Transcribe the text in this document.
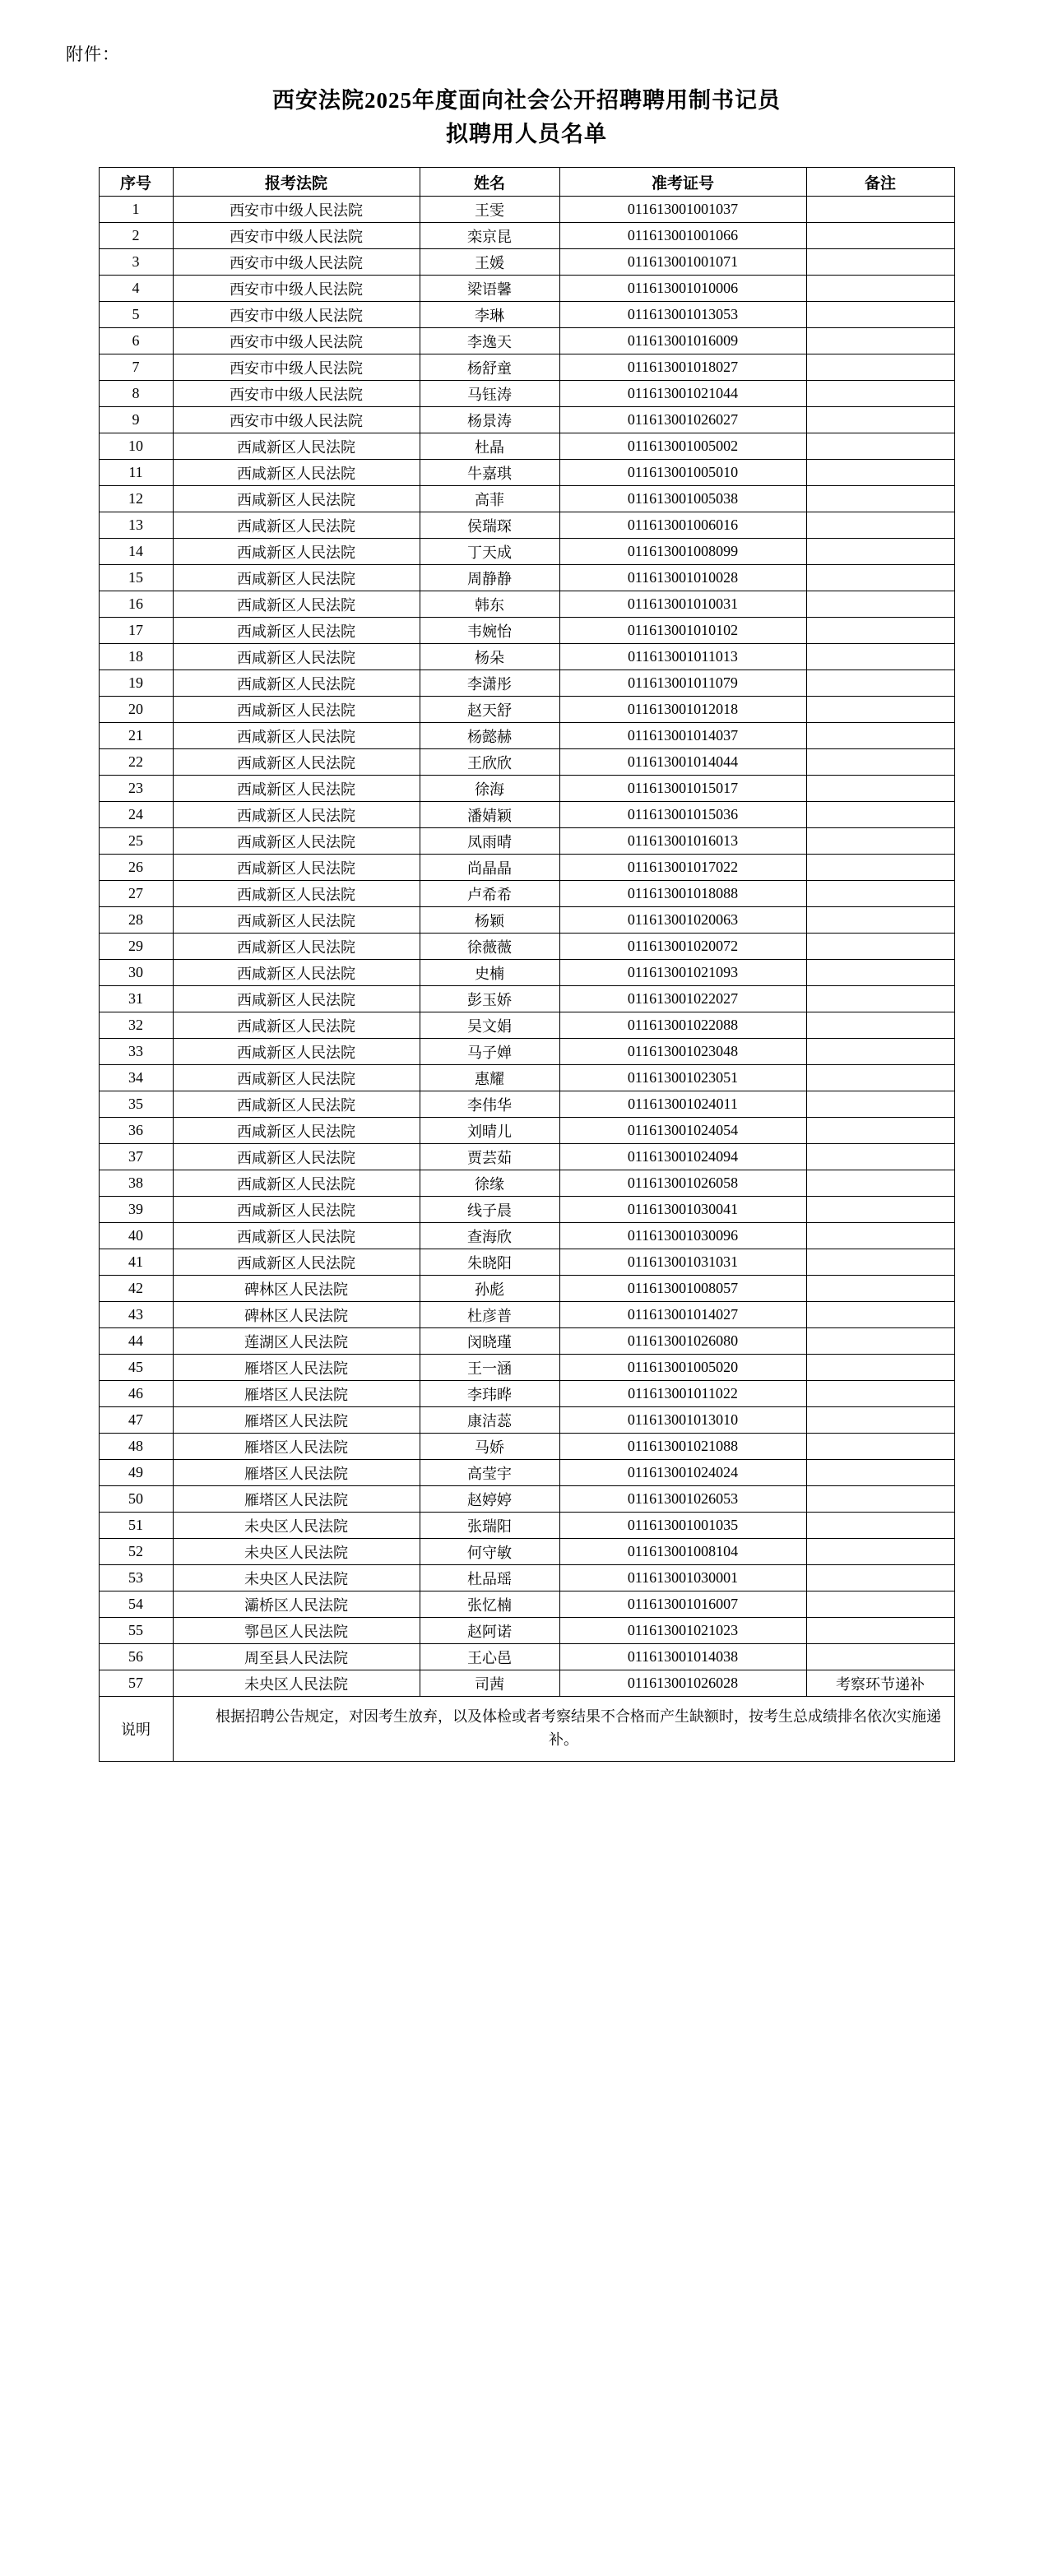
附件：
西安法院2025年度面向社会公开招聘聘用制书记员
拟聘用人员名单
序号	报考法院	姓名	准考证号	备注
1	西安市中级人民法院	王雯	011613001001037	
2	西安市中级人民法院	栾京昆	011613001001066	
3	西安市中级人民法院	王媛	011613001001071	
4	西安市中级人民法院	梁语馨	011613001010006	
5	西安市中级人民法院	李琳	011613001013053	
6	西安市中级人民法院	李逸天	011613001016009	
7	西安市中级人民法院	杨舒童	011613001018027	
8	西安市中级人民法院	马钰涛	011613001021044	
9	西安市中级人民法院	杨景涛	011613001026027	
10	西咸新区人民法院	杜晶	011613001005002	
11	西咸新区人民法院	牛嘉琪	011613001005010	
12	西咸新区人民法院	高菲	011613001005038	
13	西咸新区人民法院	侯瑞琛	011613001006016	
14	西咸新区人民法院	丁天成	011613001008099	
15	西咸新区人民法院	周静静	011613001010028	
16	西咸新区人民法院	韩东	011613001010031	
17	西咸新区人民法院	韦婉怡	011613001010102	
18	西咸新区人民法院	杨朵	011613001011013	
19	西咸新区人民法院	李潇彤	011613001011079	
20	西咸新区人民法院	赵天舒	011613001012018	
21	西咸新区人民法院	杨懿赫	011613001014037	
22	西咸新区人民法院	王欣欣	011613001014044	
23	西咸新区人民法院	徐海	011613001015017	
24	西咸新区人民法院	潘婧颖	011613001015036	
25	西咸新区人民法院	凤雨晴	011613001016013	
26	西咸新区人民法院	尚晶晶	011613001017022	
27	西咸新区人民法院	卢希希	011613001018088	
28	西咸新区人民法院	杨颖	011613001020063	
29	西咸新区人民法院	徐薇薇	011613001020072	
30	西咸新区人民法院	史楠	011613001021093	
31	西咸新区人民法院	彭玉娇	011613001022027	
32	西咸新区人民法院	吴文娟	011613001022088	
33	西咸新区人民法院	马子婵	011613001023048	
34	西咸新区人民法院	惠耀	011613001023051	
35	西咸新区人民法院	李伟华	011613001024011	
36	西咸新区人民法院	刘晴儿	011613001024054	
37	西咸新区人民法院	贾芸茹	011613001024094	
38	西咸新区人民法院	徐缘	011613001026058	
39	西咸新区人民法院	线子晨	011613001030041	
40	西咸新区人民法院	查海欣	011613001030096	
41	西咸新区人民法院	朱晓阳	011613001031031	
42	碑林区人民法院	孙彪	011613001008057	
43	碑林区人民法院	杜彦普	011613001014027	
44	莲湖区人民法院	闵晓瑾	011613001026080	
45	雁塔区人民法院	王一涵	011613001005020	
46	雁塔区人民法院	李玮晔	011613001011022	
47	雁塔区人民法院	康洁蕊	011613001013010	
48	雁塔区人民法院	马娇	011613001021088	
49	雁塔区人民法院	高莹宇	011613001024024	
50	雁塔区人民法院	赵婷婷	011613001026053	
51	未央区人民法院	张瑞阳	011613001001035	
52	未央区人民法院	何守敏	011613001008104	
53	未央区人民法院	杜品瑶	011613001030001	
54	灞桥区人民法院	张忆楠	011613001016007	
55	鄠邑区人民法院	赵阿诺	011613001021023	
56	周至县人民法院	王心邑	011613001014038	
57	未央区人民法院	司茜	011613001026028	考察环节递补
说明	根据招聘公告规定，对因考生放弃，以及体检或者考察结果不合格而产生缺额时，按考生总成绩排名依次实施递补。			
